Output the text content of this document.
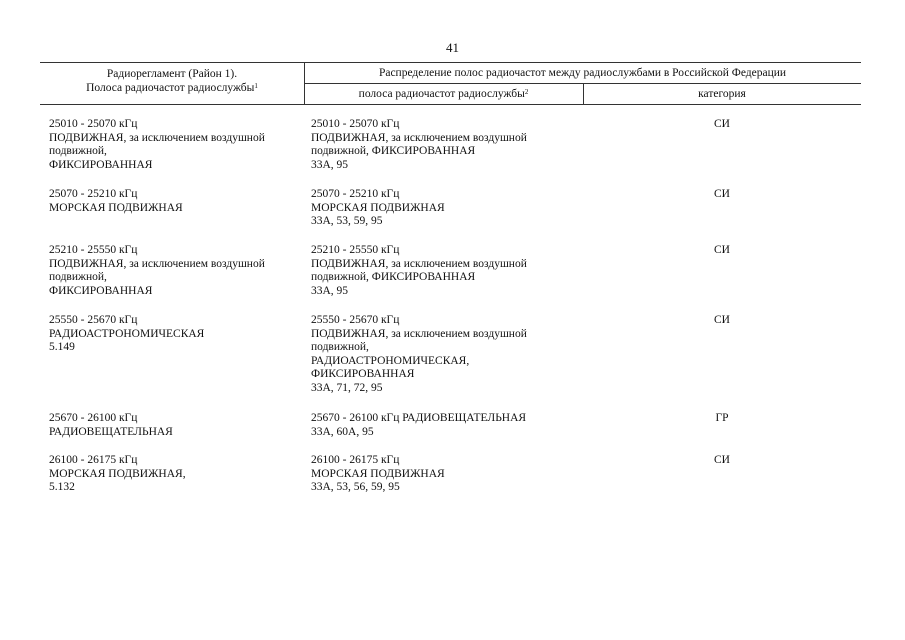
41
Радиорегламент (Район 1).
Полоса радиочастот радиослужбы$^1$
Распределение полос радиочастот между радиослужбами в Российской Федерации
полоса радиочастот радиослужбы$^2$	категория
25010 - 25070 кГц
ПОДВИЖНАЯ, за исключением воздушной
подвижной,
ФИКСИРОВАННАЯ
25010 - 25070 кГц
ПОДВИЖНАЯ, за исключением воздушной
подвижной, ФИКСИРОВАННАЯ
33А, 95
СИ
25070 - 25210 кГц
МОРСКАЯ ПОДВИЖНАЯ
25070 - 25210 кГц
МОРСКАЯ ПОДВИЖНАЯ
33А, 53, 59, 95
СИ
25210 - 25550 кГц
ПОДВИЖНАЯ, за исключением воздушной
подвижной,
ФИКСИРОВАННАЯ
25210 - 25550 кГц
ПОДВИЖНАЯ, за исключением воздушной
подвижной, ФИКСИРОВАННАЯ
33А, 95
СИ
25550 - 25670 кГц
РАДИОАСТРОНОМИЧЕСКАЯ
5.149
25550 - 25670 кГц
ПОДВИЖНАЯ, за исключением воздушной
подвижной,
РАДИОАСТРОНОМИЧЕСКАЯ,
ФИКСИРОВАННАЯ
33А, 71, 72, 95
СИ
25670 - 26100 кГц
РАДИОВЕЩАТЕЛЬНАЯ
25670 - 26100 кГц РАДИОВЕЩАТЕЛЬНАЯ
33А, 60А, 95
ГР
26100 - 26175 кГц
МОРСКАЯ ПОДВИЖНАЯ,
5.132
26100 - 26175 кГц
МОРСКАЯ ПОДВИЖНАЯ
33А, 53, 56, 59, 95
СИ
